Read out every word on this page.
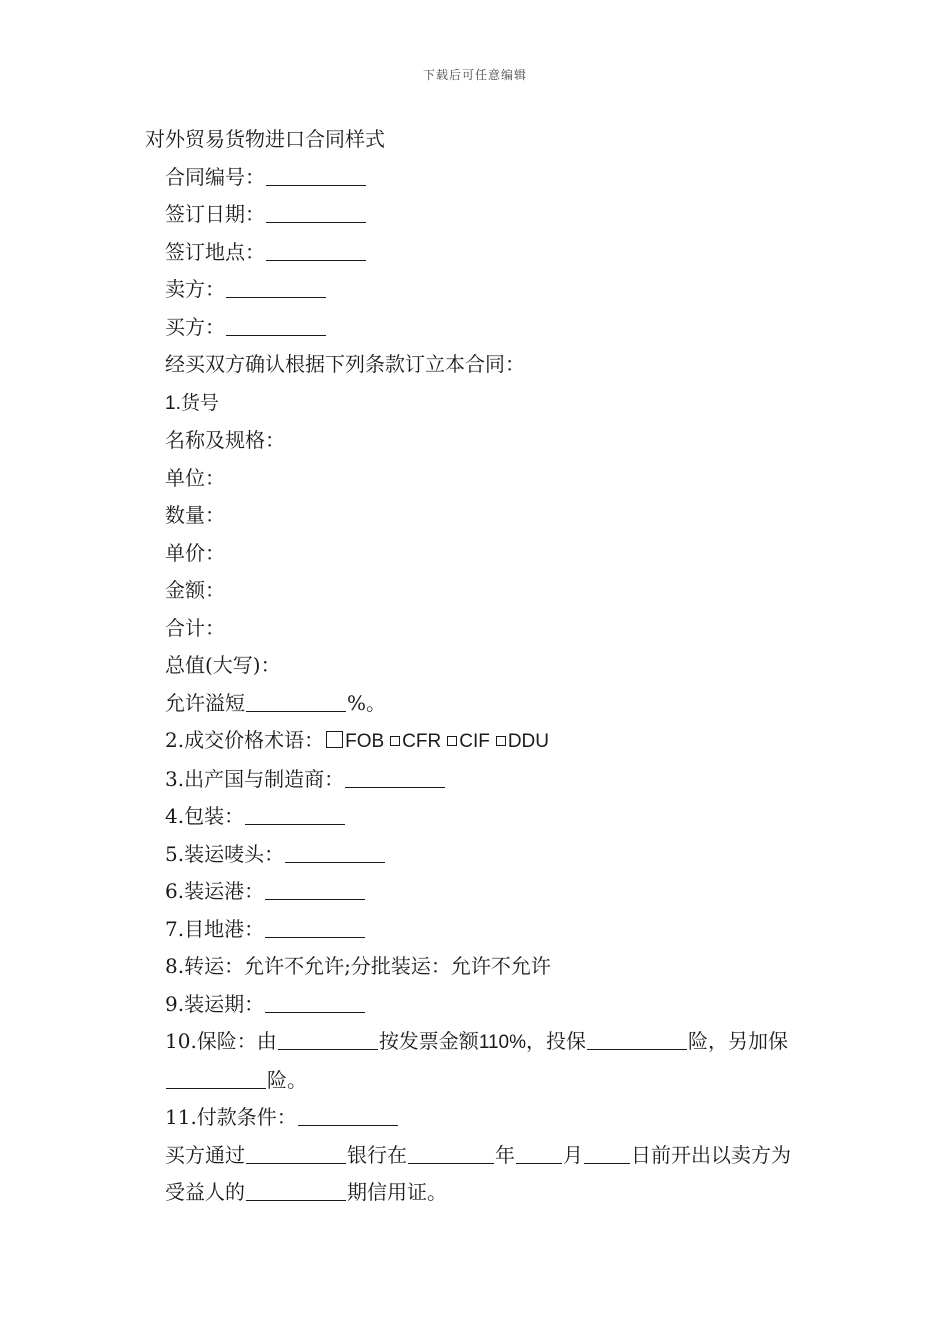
下载后可任意编辑
对外贸易货物进口合同样式
合同编号：
签订日期：
签订地点：
卖方：
买方：
经买双方确认根据下列条款订立本合同：
1.货号
名称及规格：
单位：
数量：
单价：
金额：
合计：
总值(大写)：
允许溢短	%。
2.成交价格术语： FOB CFR CIF DDU
3.出产国与制造商：
4.包装：
5.装运唛头：
6.装运港：
7.目地港：
8.转运：允许不允许;分批装运：允许不允许
9.装运期：
10.保险：由	按发票金额110%，投保	险，另加保险。
11.付款条件：
买方通过	银行在	年 月 日前开出以卖方为受益人的	期信用证。
